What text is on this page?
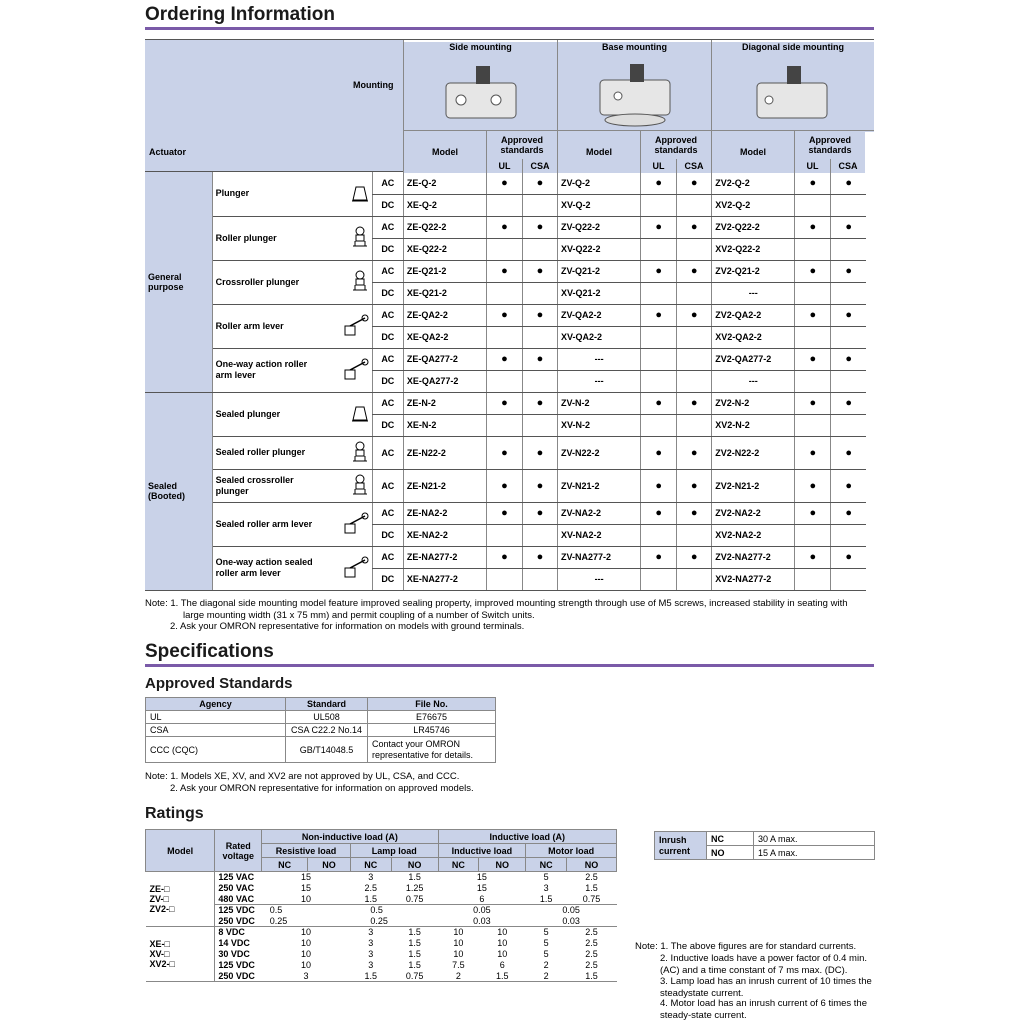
Ordering Information
Mounting
Actuator
Side mounting	Base mounting	Diagonal side mounting
General purpose	Plunger	AC	ZE-Q-2	●	●	ZV-Q-2	●	●	ZV2-Q-2	●	●
		DC	XE-Q-2			XV-Q-2			XV2-Q-2		

	Roller plunger	AC	ZE-Q22-2	●	●	ZV-Q22-2	●	●	ZV2-Q22-2	●	●
		DC	XE-Q22-2			XV-Q22-2			XV2-Q22-2		

	Crossroller plunger	AC	ZE-Q21-2	●	●	ZV-Q21-2	●	●	ZV2-Q21-2	●	●
		DC	XE-Q21-2			XV-Q21-2			---		

	Roller arm lever	AC	ZE-QA2-2	●	●	ZV-QA2-2	●	●	ZV2-QA2-2	●	●
		DC	XE-QA2-2			XV-QA2-2			XV2-QA2-2		

	One-way action roller arm lever	AC	ZE-QA277-2	●	●	---			ZV2-QA277-2	●	●
		DC	XE-QA277-2			---			---		
Sealed (Booted)	Sealed plunger	AC	ZE-N-2	●	●	ZV-N-2	●	●	ZV2-N-2	●	●
		DC	XE-N-2			XV-N-2			XV2-N-2		

	Sealed roller plunger	AC	ZE-N22-2	●	●	ZV-N22-2	●	●	ZV2-N22-2	●	●

	Sealed crossroller plunger	AC	ZE-N21-2	●	●	ZV-N21-2	●	●	ZV2-N21-2	●	●

	Sealed roller arm lever	AC	ZE-NA2-2	●	●	ZV-NA2-2	●	●	ZV2-NA2-2	●	●
		DC	XE-NA2-2			XV-NA2-2			XV2-NA2-2		

	One-way action sealed roller arm lever	AC	ZE-NA277-2	●	●	ZV-NA277-2	●	●	ZV2-NA277-2	●	●
		DC	XE-NA277-2			---			XV2-NA277-2		
Model
Approved standards
UL	CSA
Model
Approved standards
UL	CSA
Model
Approved standards
UL	CSA
Note: 1. The diagonal side mounting model feature improved sealing property, improved mounting strength through use of M5 screws, increased stability in seating with
large mounting width (31 x 75 mm) and permit coupling of a number of Switch units.
2. Ask your OMRON representative for information on models with ground terminals.
Specifications
Approved Standards
Agency	Standard	File No.
UL	UL508	E76675
CSA	CSA C22.2 No.14	LR45746
CCC (CQC)	GB/T14048.5	Contact your OMRON representative for details.
Note: 1. Models XE, XV, and XV2 are not approved by UL, CSA, and CCC.
2. Ask your OMRON representative for information on approved models.
Ratings
Model	Rated voltage	Non-inductive load (A)				Inductive load (A)			
		Resistive load		Lamp load		Inductive load		Motor load	
		NC	NO	NC	NO	NC	NO	NC	NO
ZE-□
ZV-□
ZV2-□	125 VAC	15		3	1.5	15		5	2.5
	250 VAC	15		2.5	1.25	15		3	1.5
	480 VAC	10		1.5	0.75	6		1.5	0.75
	125 VDC	0.5		0.5		0.05		0.05	
	250 VDC	0.25		0.25		0.03		0.03	
XE-□
XV-□
XV2-□	8 VDC	10		3	1.5	10	10	5	2.5
	14 VDC	10		3	1.5	10	10	5	2.5
	30 VDC	10		3	1.5	10	10	5	2.5
	125 VDC	10		3	1.5	7.5	6	2	2.5
	250 VDC	3		1.5	0.75	2	1.5	2	1.5
Inrush current	NC	30 A max.
	NO	15 A max.
Note: 1. The above figures are for standard currents.
2. Inductive loads have a power factor of 0.4 min. (AC) and a time constant of 7 ms max. (DC).
3. Lamp load has an inrush current of 10 times the steadystate current.
4. Motor load has an inrush current of 6 times the steady-state current.
